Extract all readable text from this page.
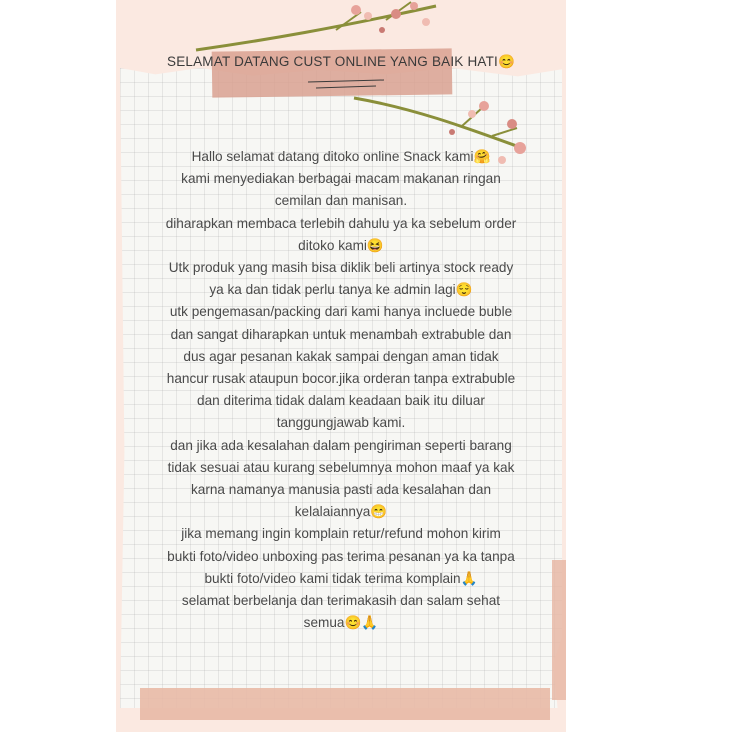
SELAMAT DATANG CUST ONLINE YANG BAIK HATI😊

Hallo selamat datang ditoko online Snack kami🤗

kami menyediakan berbagai macam makanan ringan

cemilan dan manisan.

diharapkan membaca terlebih dahulu ya ka sebelum order

ditoko kami😆

Utk produk yang masih bisa diklik beli artinya stock ready

ya ka dan tidak perlu tanya ke admin lagi😌

utk pengemasan/packing dari kami hanya incluede buble

dan sangat diharapkan untuk menambah extrabuble dan

dus agar pesanan kakak sampai dengan aman tidak

hancur rusak ataupun bocor.jika orderan tanpa extrabuble

dan diterima tidak dalam keadaan baik itu diluar

tanggungjawab kami.

dan jika ada kesalahan dalam pengiriman seperti barang

tidak sesuai atau kurang sebelumnya mohon maaf ya kak

karna namanya manusia pasti ada kesalahan dan

kelalaiannya😁

jika memang ingin komplain retur/refund mohon kirim

bukti foto/video unboxing pas terima pesanan ya ka tanpa

bukti foto/video kami tidak terima komplain🙏

selamat berbelanja dan terimakasih dan salam sehat

semua😊🙏
